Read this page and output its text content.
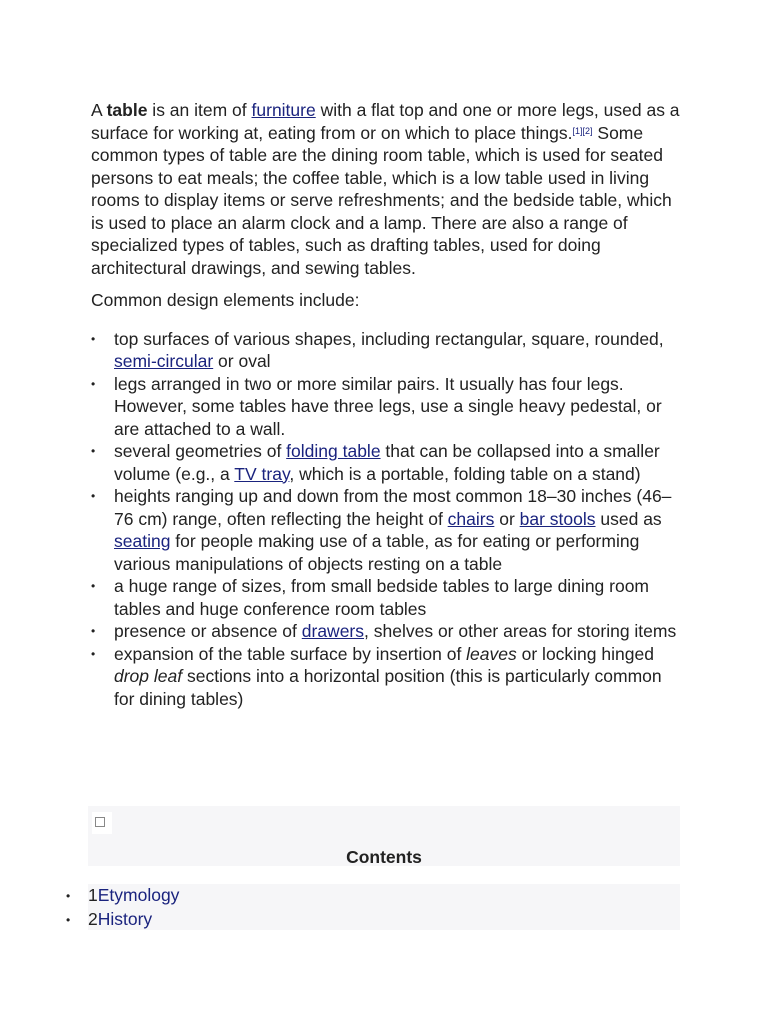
A table is an item of furniture with a flat top and one or more legs, used as a surface for working at, eating from or on which to place things.[1][2] Some common types of table are the dining room table, which is used for seated persons to eat meals; the coffee table, which is a low table used in living rooms to display items or serve refreshments; and the bedside table, which is used to place an alarm clock and a lamp. There are also a range of specialized types of tables, such as drafting tables, used for doing architectural drawings, and sewing tables.

Common design elements include:

• top surfaces of various shapes, including rectangular, square, rounded, semi-circular or oval
• legs arranged in two or more similar pairs. It usually has four legs. However, some tables have three legs, use a single heavy pedestal, or are attached to a wall.
• several geometries of folding table that can be collapsed into a smaller volume (e.g., a TV tray, which is a portable, folding table on a stand)
• heights ranging up and down from the most common 18–30 inches (46–76 cm) range, often reflecting the height of chairs or bar stools used as seating for people making use of a table, as for eating or performing various manipulations of objects resting on a table
• a huge range of sizes, from small bedside tables to large dining room tables and huge conference room tables
• presence or absence of drawers, shelves or other areas for storing items
• expansion of the table surface by insertion of leaves or locking hinged drop leaf sections into a horizontal position (this is particularly common for dining tables)
Contents
• 1Etymology
• 2History
